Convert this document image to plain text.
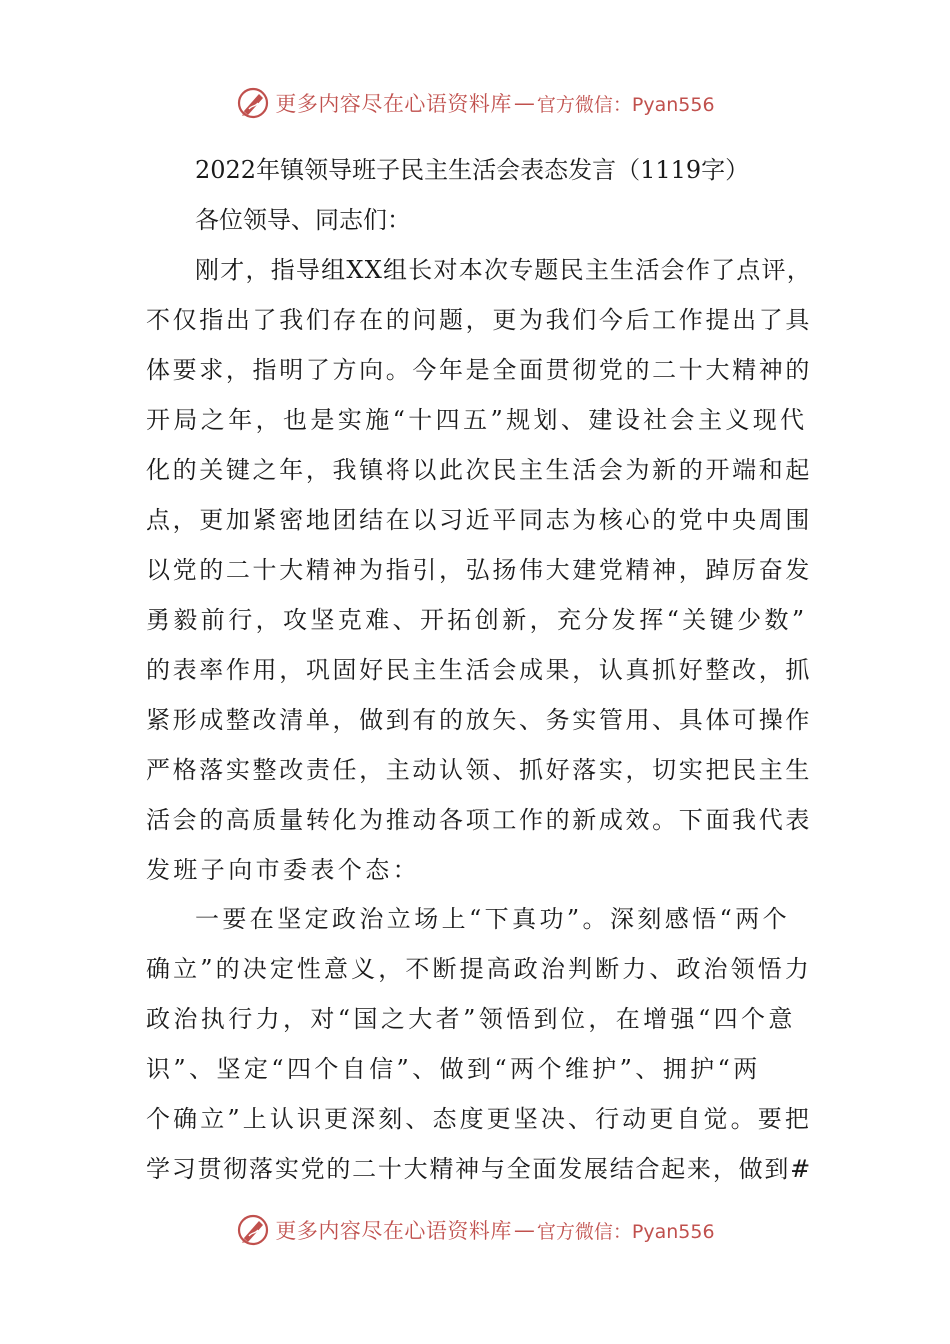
更多内容尽在心语资料库 — 官方微信：Pyan556
2022年镇领导班子民主生活会表态发言（1119字）
各位领导、同志们：
刚才，指导组XX组长对本次专题民主生活会作了点评，
不仅指出了我们存在的问题，更为我们今后工作提出了具
体要求，指明了方向。今年是全面贯彻党的二十大精神的
开局之年，也是实施“十四五”规划、建设社会主义现代
化的关键之年，我镇将以此次民主生活会为新的开端和起
点，更加紧密地团结在以习近平同志为核心的党中央周围
以党的二十大精神为指引，弘扬伟大建党精神，踔厉奋发
勇毅前行，攻坚克难、开拓创新，充分发挥“关键少数”
的表率作用，巩固好民主生活会成果，认真抓好整改，抓
紧形成整改清单，做到有的放矢、务实管用、具体可操作
严格落实整改责任，主动认领、抓好落实，切实把民主生
活会的高质量转化为推动各项工作的新成效。下面我代表
发班子向市委表个态：
一要在坚定政治立场上“下真功”。深刻感悟“两个
确立”的决定性意义，不断提高政治判断力、政治领悟力
政治执行力，对“国之大者”领悟到位，在增强“四个意
识”、坚定“四个自信”、做到“两个维护”、拥护“两
个确立”上认识更深刻、态度更坚决、行动更自觉。要把
学习贯彻落实党的二十大精神与全面发展结合起来，做到#
更多内容尽在心语资料库 — 官方微信：Pyan556
